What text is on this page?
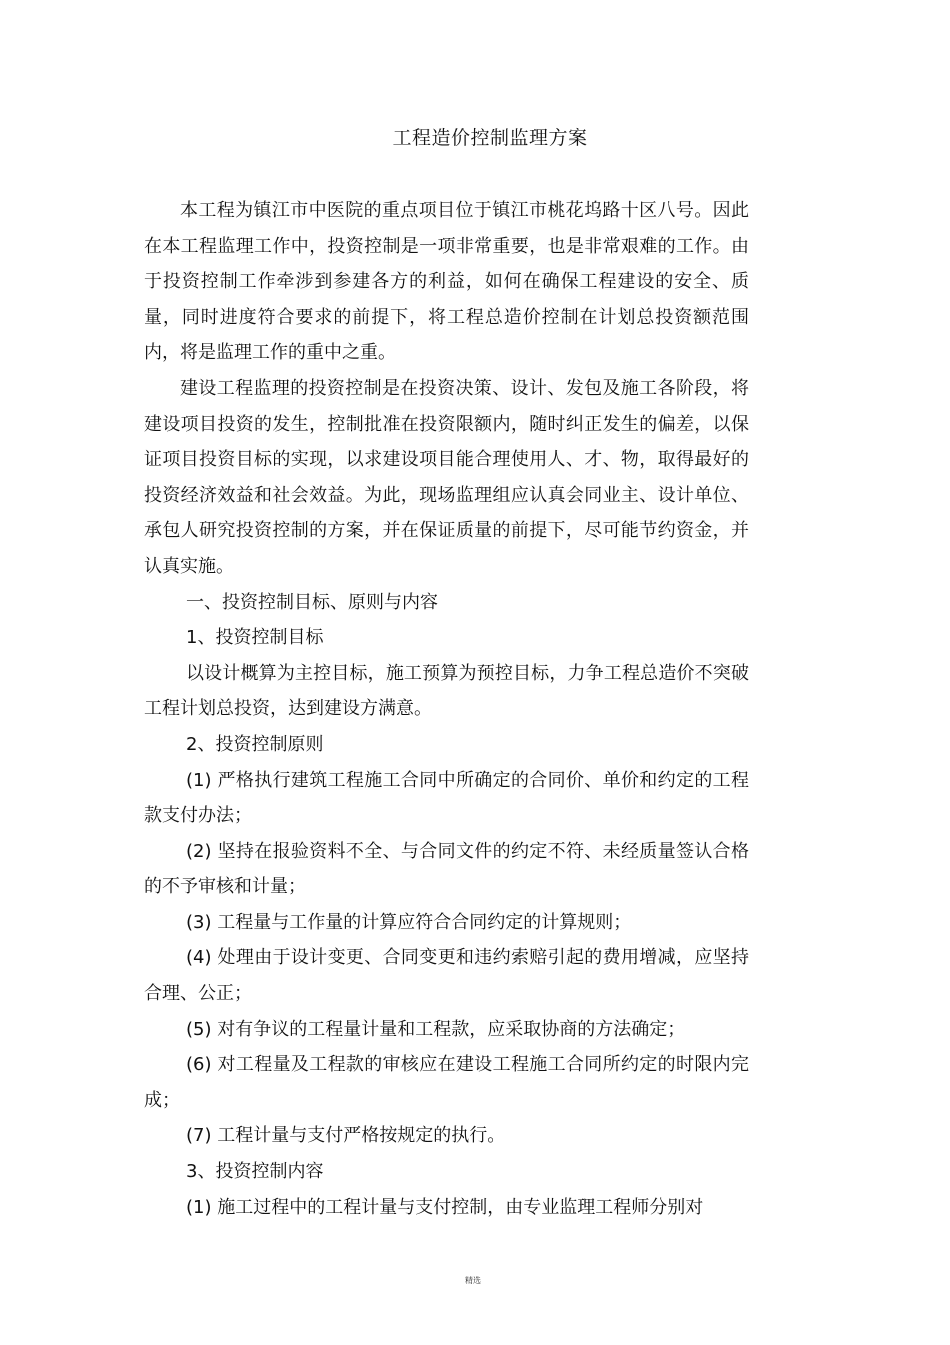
工程造价控制监理方案

本工程为镇江市中医院的重点项目位于镇江市桃花坞路十区八号。因此在本工程监理工作中，投资控制是一项非常重要，也是非常艰难的工作。由于投资控制工作牵涉到参建各方的利益，如何在确保工程建设的安全、质量，同时进度符合要求的前提下，将工程总造价控制在计划总投资额范围内，将是监理工作的重中之重。

建设工程监理的投资控制是在投资决策、设计、发包及施工各阶段，将建设项目投资的发生，控制批准在投资限额内，随时纠正发生的偏差，以保证项目投资目标的实现，以求建设项目能合理使用人、才、物，取得最好的投资经济效益和社会效益。为此，现场监理组应认真会同业主、设计单位、承包人研究投资控制的方案，并在保证质量的前提下，尽可能节约资金，并认真实施。

一、投资控制目标、原则与内容

1、投资控制目标

以设计概算为主控目标，施工预算为预控目标，力争工程总造价不突破工程计划总投资，达到建设方满意。

2、投资控制原则

(1) 严格执行建筑工程施工合同中所确定的合同价、单价和约定的工程款支付办法；

(2) 坚持在报验资料不全、与合同文件的约定不符、未经质量签认合格的不予审核和计量；

(3) 工程量与工作量的计算应符合合同约定的计算规则；

(4) 处理由于设计变更、合同变更和违约索赔引起的费用增减，应坚持合理、公正；

(5) 对有争议的工程量计量和工程款，应采取协商的方法确定；

(6) 对工程量及工程款的审核应在建设工程施工合同所约定的时限内完成；

(7) 工程计量与支付严格按规定的执行。

3、投资控制内容

(1) 施工过程中的工程计量与支付控制，由专业监理工程师分别对

精选
